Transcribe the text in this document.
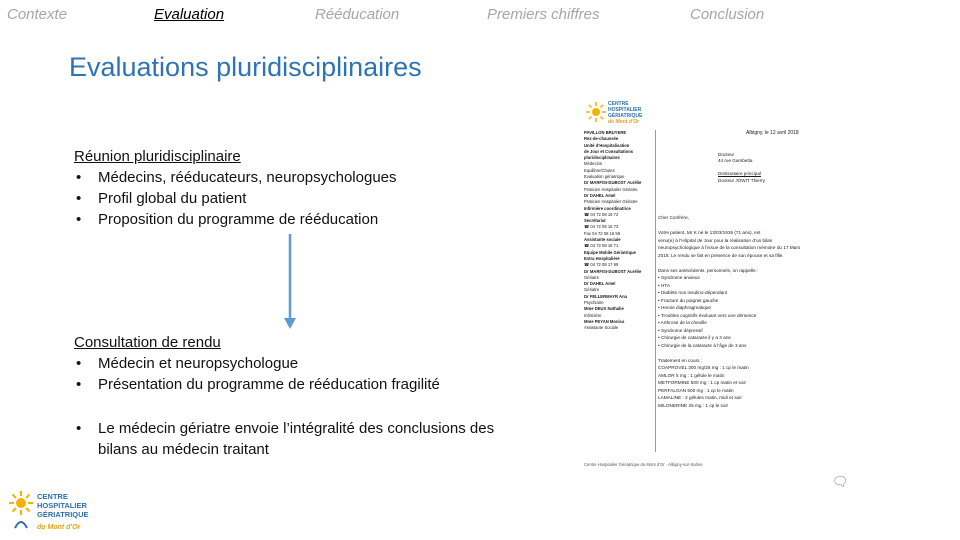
Contexte	Evaluation	Rééducation	Premiers chiffres	Conclusion
Evaluations pluridisciplinaires
Réunion pluridisciplinaire
• Médecins, rééducateurs, neuropsychologues
• Profil global du patient
• Proposition du programme de rééducation
Consultation de rendu
• Médecin et neuropsychologue
• Présentation du programme de rééducation fragilité
• Le médecin gériatre envoie l’intégralité des conclusions des bilans au médecin traitant
CENTRE
HOSPITALIER
GÉRIATRIQUE
du Mont d'Or
Albigny, le 12 avril 2018
PAVILLON BRUYERE
Rez-de-chaussée
Unité d’Hospitalisation
de Jour et Consultations
pluridisciplinaires
Médecins
Equilibre/Chutes
Evaluation gériatrique
Dr MARFISI-DUBOST Aurélie
Praticien Hospitalier Gériatre
Dr DAHEL Amel
Praticien Hospitalier Gériatre
Infirmière coordinatrice
☎ 04 72 08 16 72
Secrétariat
☎ 04 72 08 16 73
Fax 04 72 08 16 59
Assistante sociale
☎ 04 72 08 16 71
Equipe Mobile Gériatrique
Extra Hospitalière
☎ 04 72 08 17 99
Dr MARFISI-DUBOST Aurélie
Gériatre
Dr DAHEL Amel
Gériatre
Dr FELLERMAYR Ana
Psychiatre
Mme DEUX Nathalie
Infirmière
Mme PEYAN Monica
Assistante Sociale
Docteur
44 rue Gambetta
Destinataire principal
Docteur JOWIT Thierry
Cher Confrère,
Votre patient, Mr K né le 13/03/1936 (71 ans), est
venu(e) à l’Hôpital de Jour pour la réalisation d’un bilan
neuropsychologique à l’issue de la consultation mémoire du 17 Mars
2018. Le rendu se fait en présence de son épouse et sa fille.
Dans ses antécédents, personnels, on rappelle :
• Syndrome anxieux
• HTA
• Diabète non insulino-dépendant
• Fracture du poignet gauche
• Hernie diaphragmatique
• Troubles cognitifs évoluant vers une démence
• Arthrose de la cheville
• Syndrome dépressif
• Chirurgie de cataracte il y a 3 ans
• Chirurgie de la cataracte à l’âge de 3 ans
Traitement en cours :
COAPROVEL 300 mg/25 mg : 1 cp le matin
AMLOR 5 mg : 1 gélule le matin
METFORMINE 500 mg : 1 cp matin et soir
PERFALGAN 500 mg : 1 cp le matin
LAMALINE : 2 gélules matin, midi et soir
MILONERINE 25 mg : 1 cp le soir
Centre Hospitalier Gériatrique du Mont d'Or · Albigny-sur-Saône
🗨
CENTRE
HOSPITALIER
GÉRIATRIQUE
du Mont d'Or
